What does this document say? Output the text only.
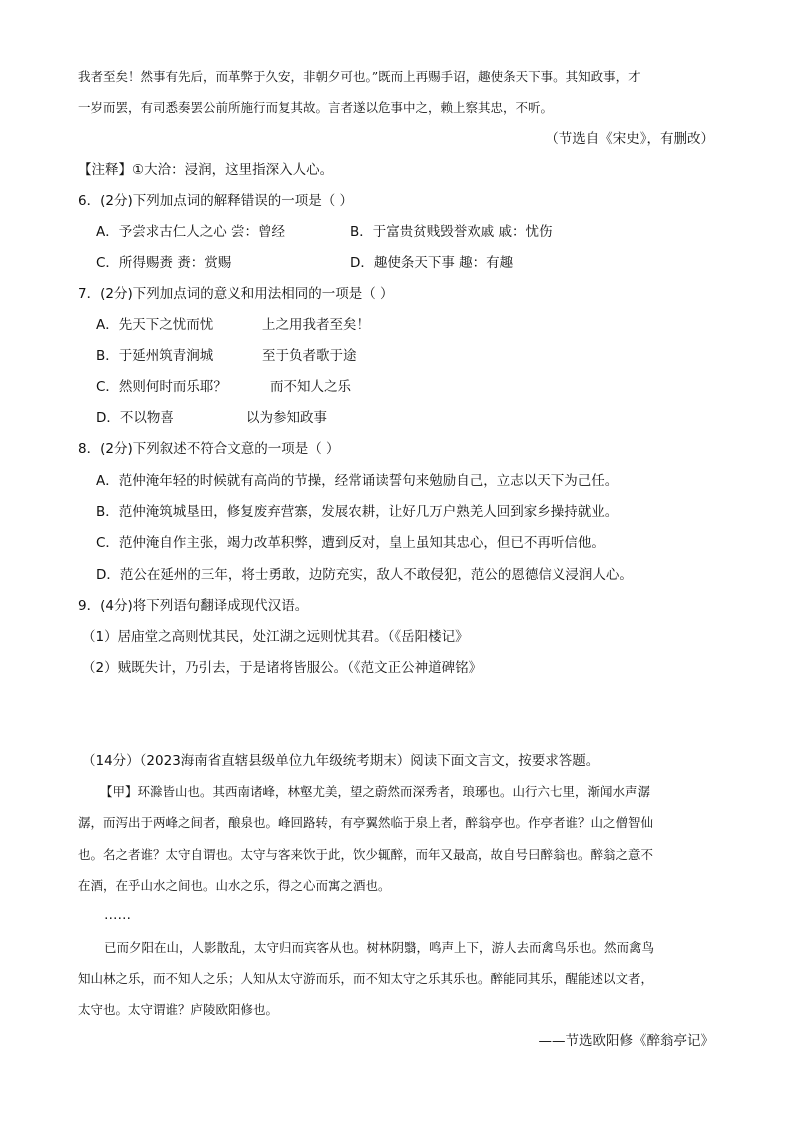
我者至矣！然事有先后，而革弊于久安，非朝夕可也。”既而上再赐手诏，趣使条天下事。其知政事，才
一岁而罢，有司悉奏罢公前所施行而复其故。言者遂以危事中之，赖上察其忠，不听。
（节选自《宋史》，有删改）
【注释】①大洽：浸润，这里指深入人心。
6．(2分)下列加点词的解释错误的一项是（ ）
A．予尝求古仁人之心 尝：曾经	B．于富贵贫贱毁誉欢戚 戚：忧伤
C．所得赐赉 赉：赏赐	D．趣使条天下事 趣：有趣
7．(2分)下列加点词的意义和用法相同的一项是（ ）
A．先天下之忧而忧	上之用我者至矣！
B．于延州筑青涧城	至于负者歌于途
C．然则何时而乐耶？	而不知人之乐
D．不以物喜	以为参知政事
8．(2分)下列叙述不符合文意的一项是（ ）
A．范仲淹年轻的时候就有高尚的节操，经常诵读誓句来勉励自己，立志以天下为己任。
B．范仲淹筑城垦田，修复废弃营寨，发展农耕，让好几万户熟羌人回到家乡操持就业。
C．范仲淹自作主张，竭力改革积弊，遭到反对，皇上虽知其忠心，但已不再听信他。
D．范公在延州的三年，将士勇敢，边防充实，敌人不敢侵犯，范公的恩德信义浸润人心。
9．(4分)将下列语句翻译成现代汉语。
（1）居庙堂之高则忧其民，处江湖之远则忧其君。（《岳阳楼记》
（2）贼既失计，乃引去，于是诸将皆服公。（《范文正公神道碑铭》
（14分）（2023海南省直辖县级单位九年级统考期末）阅读下面文言文，按要求答题。
【甲】环滁皆山也。其西南诸峰，林壑尤美，望之蔚然而深秀者，琅琊也。山行六七里，渐闻水声潺
潺，而泻出于两峰之间者，酿泉也。峰回路转，有亭翼然临于泉上者，醉翁亭也。作亭者谁？山之僧智仙
也。名之者谁？太守自谓也。太守与客来饮于此，饮少辄醉，而年又最高，故自号曰醉翁也。醉翁之意不
在酒，在乎山水之间也。山水之乐，得之心而寓之酒也。
……
已而夕阳在山，人影散乱，太守归而宾客从也。树林阴翳，鸣声上下，游人去而禽鸟乐也。然而禽鸟
知山林之乐，而不知人之乐；人知从太守游而乐，而不知太守之乐其乐也。醉能同其乐，醒能述以文者，
太守也。太守谓谁？庐陵欧阳修也。
——节选欧阳修《醉翁亭记》
